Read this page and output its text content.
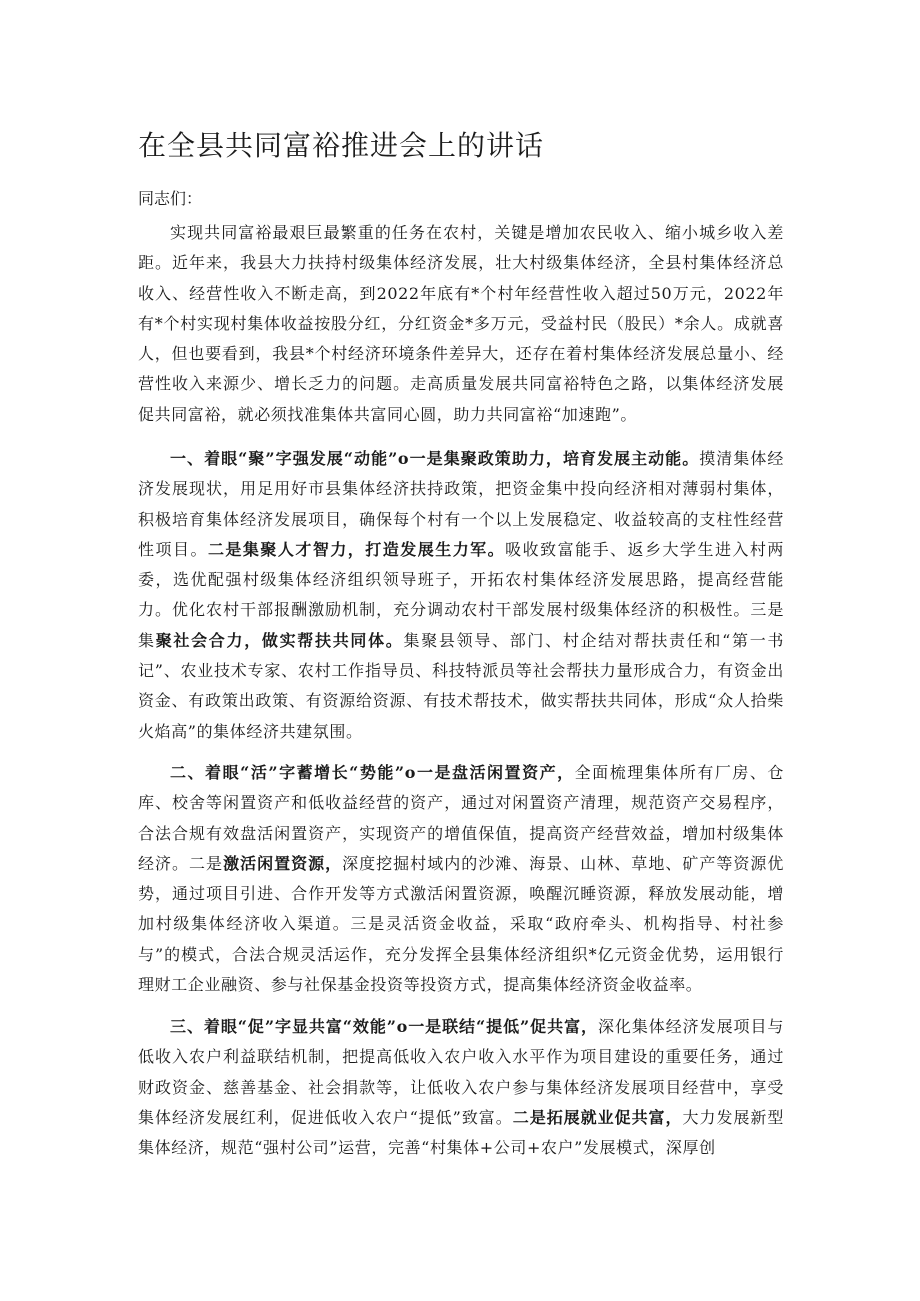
在全县共同富裕推进会上的讲话
同志们：

实现共同富裕最艰巨最繁重的任务在农村，关键是增加农民收入、缩小城乡收入差距。近年来，我县大力扶持村级集体经济发展，壮大村级集体经济，全县村集体经济总收入、经营性收入不断走高，到2022年底有*个村年经营性收入超过50万元，2022年有*个村实现村集体收益按股分红，分红资金*多万元，受益村民（股民）*余人。成就喜人，但也要看到，我县*个村经济环境条件差异大，还存在着村集体经济发展总量小、经营性收入来源少、增长乏力的问题。走高质量发展共同富裕特色之路，以集体经济发展促共同富裕，就必须找准集体共富同心圆，助力共同富裕“加速跑”。

一、着眼“聚”字强发展“动能”o一是集聚政策助力，培育发展主动能。摸清集体经济发展现状，用足用好市县集体经济扶持政策，把资金集中投向经济相对薄弱村集体，积极培育集体经济发展项目，确保每个村有一个以上发展稳定、收益较高的支柱性经营性项目。二是集聚人才智力，打造发展生力军。吸收致富能手、返乡大学生进入村两委，选优配强村级集体经济组织领导班子，开拓农村集体经济发展思路，提高经营能力。优化农村干部报酬激励机制，充分调动农村干部发展村级集体经济的积极性。三是集聚社会合力，做实帮扶共同体。集聚县领导、部门、村企结对帮扶责任和“第一书记”、农业技术专家、农村工作指导员、科技特派员等社会帮扶力量形成合力，有资金出资金、有政策出政策、有资源给资源、有技术帮技术，做实帮扶共同体，形成“众人拾柴火焰高”的集体经济共建氛围。

二、着眼“活”字蓄增长“势能”o一是盘活闲置资产，全面梳理集体所有厂房、仓库、校舍等闲置资产和低收益经营的资产，通过对闲置资产清理，规范资产交易程序，合法合规有效盘活闲置资产，实现资产的增值保值，提高资产经营效益，增加村级集体经济。二是激活闲置资源，深度挖掘村域内的沙滩、海景、山林、草地、矿产等资源优势，通过项目引进、合作开发等方式激活闲置资源，唤醒沉睡资源，释放发展动能，增加村级集体经济收入渠道。三是灵活资金收益，采取“政府牵头、机构指导、村社参与”的模式，合法合规灵活运作，充分发挥全县集体经济组织*亿元资金优势，运用银行理财工企业融资、参与社保基金投资等投资方式，提高集体经济资金收益率。

三、着眼“促”字显共富“效能”o一是联结“提低”促共富，深化集体经济发展项目与低收入农户利益联结机制，把提高低收入农户收入水平作为项目建设的重要任务，通过财政资金、慈善基金、社会捐款等，让低收入农户参与集体经济发展项目经营中，享受集体经济发展红利，促进低收入农户“提低”致富。二是拓展就业促共富，大力发展新型集体经济，规范“强村公司”运营，完善“村集体+公司+农户”发展模式，深厚创
